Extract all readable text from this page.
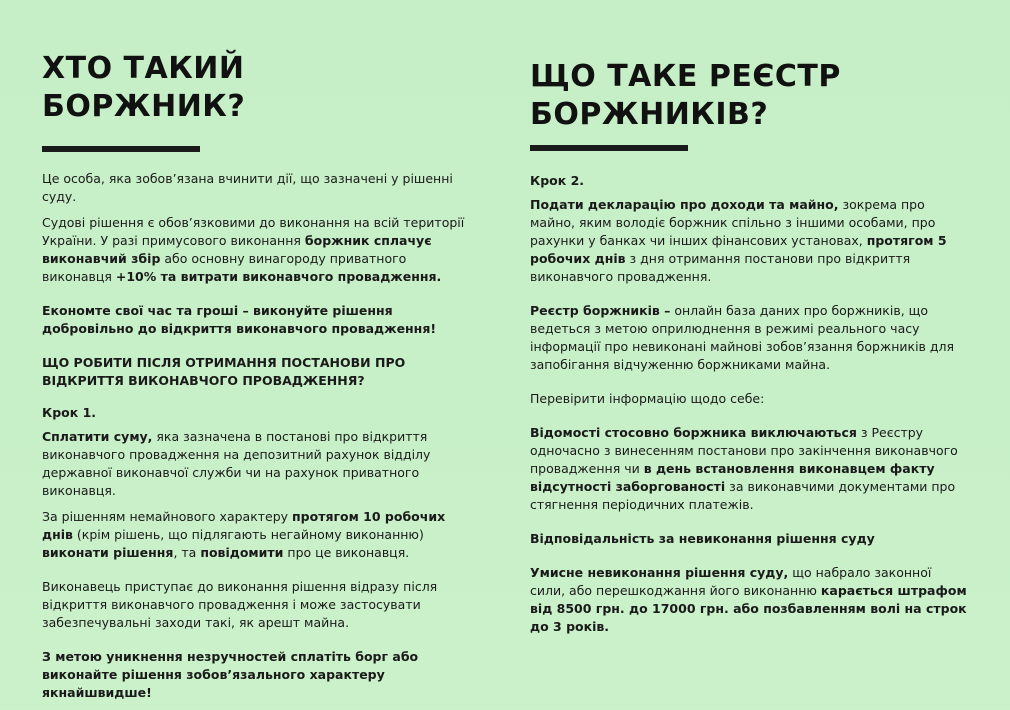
ХТО ТАКИЙ
БОРЖНИК?

Це особа, яка зобов’язана вчинити дії, що зазначені у рішенні суду.

Судові рішення є обов’язковими до виконання на всій території України. У разі примусового виконання боржник сплачує виконавчий збір або основну винагороду приватного виконавця +10% та витрати виконавчого провадження.

Економте свої час та гроші – виконуйте рішення добровільно до відкриття виконавчого провадження!

ЩО РОБИТИ ПІСЛЯ ОТРИМАННЯ ПОСТАНОВИ ПРО ВІДКРИТТЯ ВИКОНАВЧОГО ПРОВАДЖЕННЯ?

Крок 1.

Сплатити суму, яка зазначена в постанові про відкриття виконавчого провадження на депозитний рахунок відділу державної виконавчої служби чи на рахунок приватного виконавця.

За рішенням немайнового характеру протягом 10 робочих днів (крім рішень, що підлягають негайному виконанню) виконати рішення, та повідомити про це виконавця.

Виконавець приступає до виконання рішення відразу після відкриття виконавчого провадження і може застосувати забезпечувальні заходи такі, як арешт майна.

З метою уникнення незручностей сплатіть борг або виконайте рішення зобов’язального характеру якнайшвидше!

ЩО ТАКЕ РЕЄСТР
БОРЖНИКІВ?

Крок 2.

Подати декларацію про доходи та майно, зокрема про майно, яким володіє боржник спільно з іншими особами, про рахунки у банках чи інших фінансових установах, протягом 5 робочих днів з дня отримання постанови про відкриття виконавчого провадження.

Реєстр боржників – онлайн база даних про боржників, що ведеться з метою оприлюднення в режимі реального часу інформації про невиконані майнові зобов’язання боржників для запобігання відчуженню боржниками майна.

Перевірити інформацію щодо себе:

Відомості стосовно боржника виключаються з Реєстру одночасно з винесенням постанови про закінчення виконавчого провадження чи в день встановлення виконавцем факту відсутності заборгованості за виконавчими документами про стягнення періодичних платежів.

Відповідальність за невиконання рішення суду

Умисне невиконання рішення суду, що набрало законної сили, або перешкоджання його виконанню карається штрафом від 8500 грн. до 17000 грн. або позбавленням волі на строк до 3 років.
